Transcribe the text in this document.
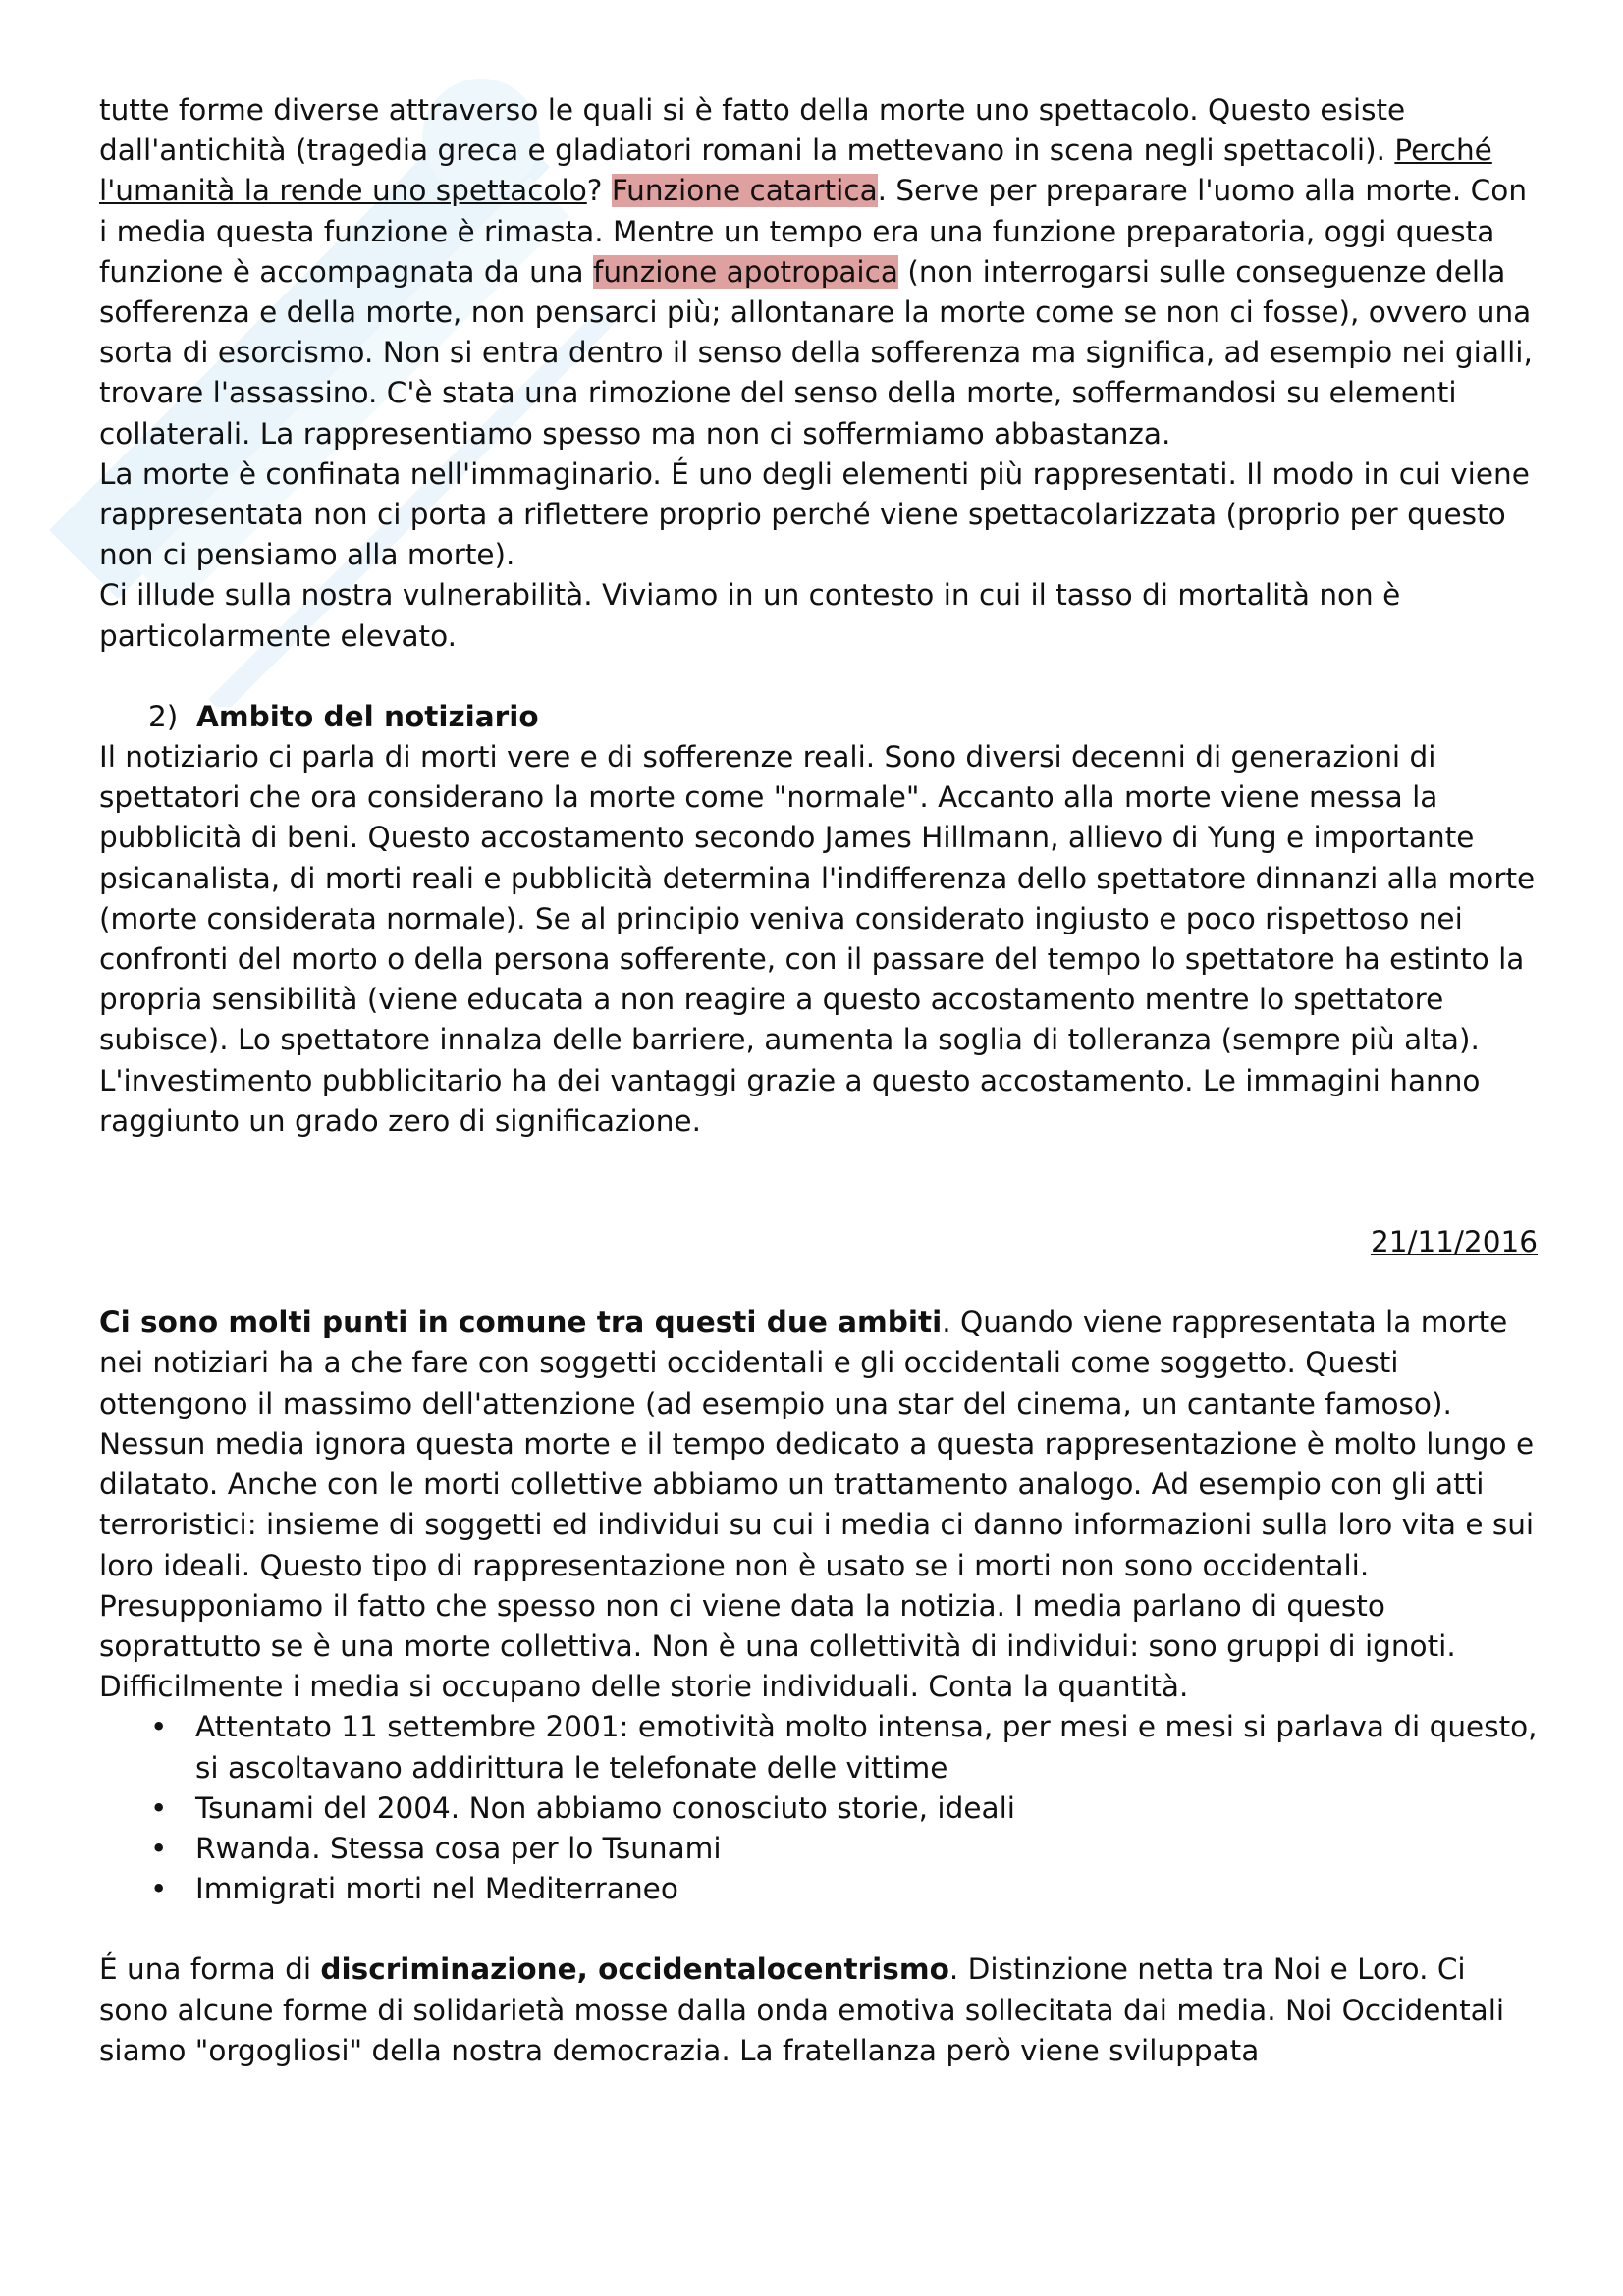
tutte forme diverse attraverso le quali si è fatto della morte uno spettacolo. Questo esiste dall'antichità (tragedia greca e gladiatori romani la mettevano in scena negli spettacoli). Perché l'umanità la rende uno spettacolo? Funzione catartica. Serve per preparare l'uomo alla morte. Con i media questa funzione è rimasta. Mentre un tempo era una funzione preparatoria, oggi questa funzione è accompagnata da una funzione apotropaica (non interrogarsi sulle conseguenze della sofferenza e della morte, non pensarci più; allontanare la morte come se non ci fosse), ovvero una sorta di esorcismo. Non si entra dentro il senso della sofferenza ma significa, ad esempio nei gialli, trovare l'assassino. C'è stata una rimozione del senso della morte, soffermandosi su elementi collaterali. La rappresentiamo spesso ma non ci soffermiamo abbastanza.

La morte è confinata nell'immaginario. É uno degli elementi più rappresentati. Il modo in cui viene rappresentata non ci porta a riflettere proprio perché viene spettacolarizzata (proprio per questo non ci pensiamo alla morte).

Ci illude sulla nostra vulnerabilità. Viviamo in un contesto in cui il tasso di mortalità non è particolarmente elevato.

2) Ambito del notiziario

Il notiziario ci parla di morti vere e di sofferenze reali. Sono diversi decenni di generazioni di spettatori che ora considerano la morte come "normale". Accanto alla morte viene messa la pubblicità di beni. Questo accostamento secondo James Hillmann, allievo di Yung e importante psicanalista, di morti reali e pubblicità determina l'indifferenza dello spettatore dinnanzi alla morte (morte considerata normale). Se al principio veniva considerato ingiusto e poco rispettoso nei confronti del morto o della persona sofferente, con il passare del tempo lo spettatore ha estinto la propria sensibilità (viene educata a non reagire a questo accostamento mentre lo spettatore subisce). Lo spettatore innalza delle barriere, aumenta la soglia di tolleranza (sempre più alta). L'investimento pubblicitario ha dei vantaggi grazie a questo accostamento. Le immagini hanno raggiunto un grado zero di significazione.

21/11/2016

Ci sono molti punti in comune tra questi due ambiti. Quando viene rappresentata la morte nei notiziari ha a che fare con soggetti occidentali e gli occidentali come soggetto. Questi ottengono il massimo dell'attenzione (ad esempio una star del cinema, un cantante famoso). Nessun media ignora questa morte e il tempo dedicato a questa rappresentazione è molto lungo e dilatato. Anche con le morti collettive abbiamo un trattamento analogo. Ad esempio con gli atti terroristici: insieme di soggetti ed individui su cui i media ci danno informazioni sulla loro vita e sui loro ideali. Questo tipo di rappresentazione non è usato se i morti non sono occidentali. Presupponiamo il fatto che spesso non ci viene data la notizia. I media parlano di questo soprattutto se è una morte collettiva. Non è una collettività di individui: sono gruppi di ignoti. Difficilmente i media si occupano delle storie individuali. Conta la quantità.

• Attentato 11 settembre 2001: emotività molto intensa, per mesi e mesi si parlava di questo, si ascoltavano addirittura le telefonate delle vittime
• Tsunami del 2004. Non abbiamo conosciuto storie, ideali
• Rwanda. Stessa cosa per lo Tsunami
• Immigrati morti nel Mediterraneo

É una forma di discriminazione, occidentalocentrismo. Distinzione netta tra Noi e Loro. Ci sono alcune forme di solidarietà mosse dalla onda emotiva sollecitata dai media. Noi Occidentali siamo "orgogliosi" della nostra democrazia. La fratellanza però viene sviluppata
